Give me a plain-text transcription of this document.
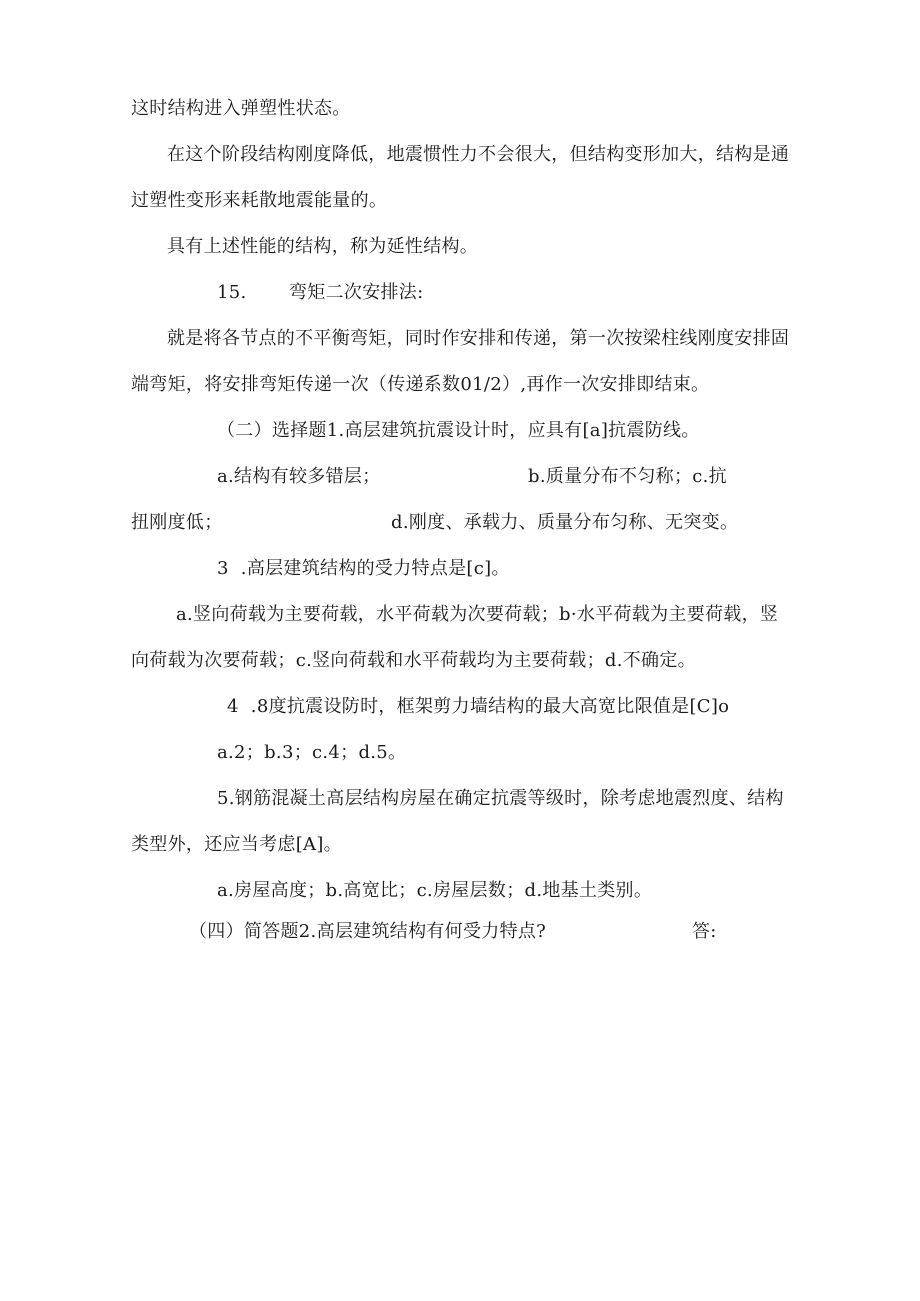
这时结构进入弹塑性状态。
在这个阶段结构刚度降低，地震惯性力不会很大，但结构变形加大，结构是通
过塑性变形来耗散地震能量的。
具有上述性能的结构，称为延性结构。
15. 弯矩二次安排法:
就是将各节点的不平衡弯矩，同时作安排和传递，第一次按梁柱线刚度安排固
端弯矩，将安排弯矩传递一次（传递系数01/2）,再作一次安排即结束。
（二）选择题1.高层建筑抗震设计时，应具有[a]抗震防线。
a.结构有较多错层；	b.质量分布不匀称；c.抗
扭刚度低；	d.刚度、承载力、质量分布匀称、无突变。
3  .高层建筑结构的受力特点是[c]。
a.竖向荷载为主要荷载，水平荷载为次要荷载；b·水平荷载为主要荷载，竖
向荷载为次要荷载；c.竖向荷载和水平荷载均为主要荷载；d.不确定。
4  .8度抗震设防时，框架剪力墙结构的最大高宽比限值是[C]o
a.2；b.3；c.4；d.5。
5.钢筋混凝土高层结构房屋在确定抗震等级时，除考虑地震烈度、结构
类型外，还应当考虑[A]。
a.房屋高度；b.高宽比；c.房屋层数；d.地基土类别。
（四）简答题2.高层建筑结构有何受力特点?	答:
